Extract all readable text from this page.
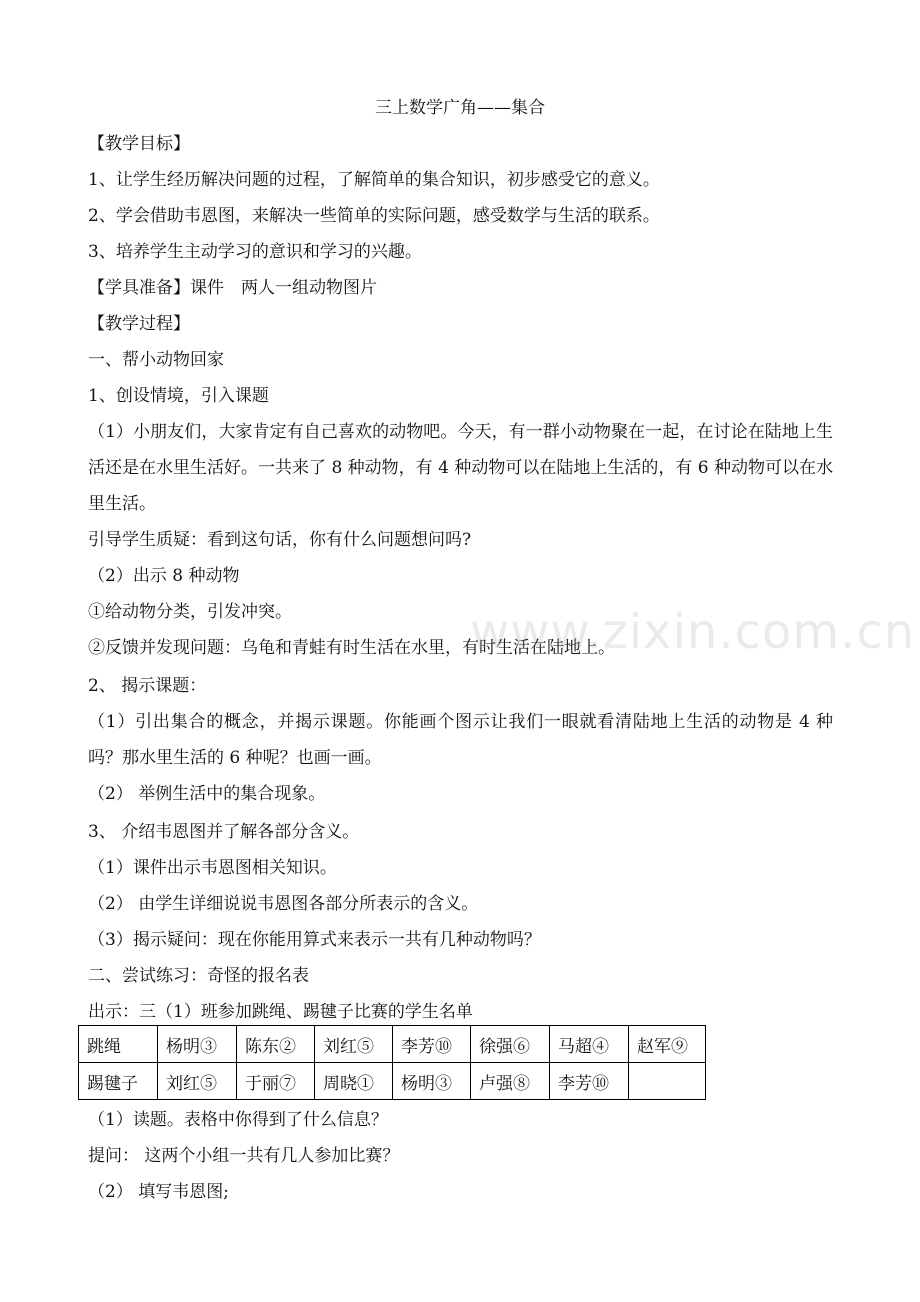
三上数学广角——集合
【教学目标】
1、让学生经历解决问题的过程，了解简单的集合知识，初步感受它的意义。
2、学会借助韦恩图，来解决一些简单的实际问题，感受数学与生活的联系。
3、培养学生主动学习的意识和学习的兴趣。
【学具准备】课件　两人一组动物图片
【教学过程】
一、帮小动物回家
1、创设情境，引入课题
（1）小朋友们，大家肯定有自己喜欢的动物吧。今天，有一群小动物聚在一起，在讨论在陆地上生活还是在水里生活好。一共来了 8 种动物，有 4 种动物可以在陆地上生活的，有 6 种动物可以在水里生活。
引导学生质疑：看到这句话，你有什么问题想问吗?
（2）出示 8 种动物
①给动物分类，引发冲突。
②反馈并发现问题：乌龟和青蛙有时生活在水里，有时生活在陆地上。
2、 揭示课题：
（1）引出集合的概念，并揭示课题。你能画个图示让我们一眼就看清陆地上生活的动物是 4 种吗？那水里生活的 6 种呢？也画一画。
（2） 举例生活中的集合现象。
3、 介绍韦恩图并了解各部分含义。
（1）课件出示韦恩图相关知识。
（2） 由学生详细说说韦恩图各部分所表示的含义。
（3）揭示疑问：现在你能用算式来表示一共有几种动物吗？
二、尝试练习：奇怪的报名表
出示：三（1）班参加跳绳、踢毽子比赛的学生名单
跳绳	杨明③	陈东②	刘红⑤	李芳⑩	徐强⑥	马超④	赵军⑨
踢毽子	刘红⑤	于丽⑦	周晓①	杨明③	卢强⑧	李芳⑩	
（1）读题。表格中你得到了什么信息？
提问： 这两个小组一共有几人参加比赛？
（2） 填写韦恩图;
www.zixin.com.cn
